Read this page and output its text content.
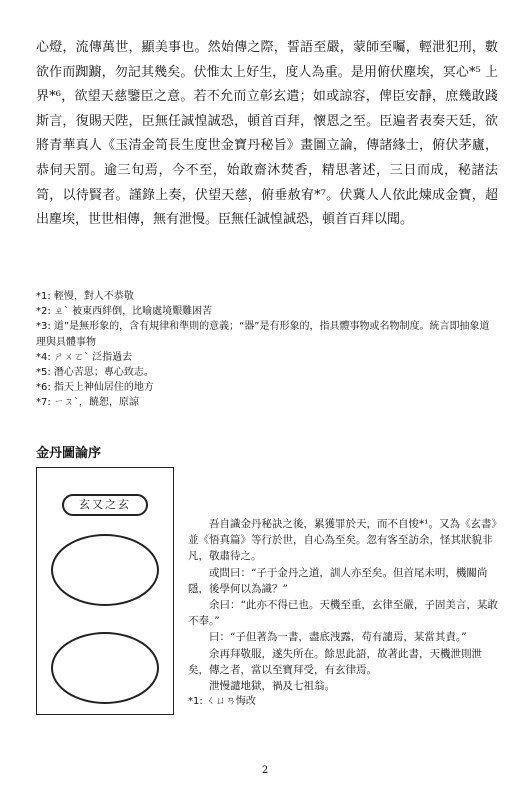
心燈，流傳萬世，顯美事也。然始傳之際，誓語至嚴，蒙師至囑，輕泄犯刑，數欲作而踟躕，勿記其幾矣。伏惟太上好生，度人為重。是用俯伏塵埃，冥心*⁵ 上界*⁶，欲望天慈鑒臣之意。若不允而立彰玄遣；如或諒容，俾臣安靜，庶幾敢踐斯言，復賜天陛，臣無任誠惶誠恐，頓首百拜，懷恩之至。臣遍者表奏天廷，欲將青華真人《玉清金笥長生度世金寶丹秘旨》畫圖立論，傳諸緣士，俯伏茅廬，恭伺天罰。逾三旬焉，今不至，始敢齋沐焚香，精思著述，三日而成，秘諸法笥，以待賢者。謹錄上奏，伏望天慈，俯垂赦宥*⁷。伏冀人人依此煉成金寶，超出塵埃，世世相傳，無有泄慢。臣無任誠惶誠恐，頓首百拜以聞。

*1: 輕慢，對人不恭敬
*2: ㄓˋ 被東西絆倒，比喻處境艱難困苦
*3: 道”是無形象的，含有規律和準則的意義；“器”是有形象的，指具體事物或名物制度。統言即抽象道理與具體事物
*4: ㄕㄨㄛˋ 泛指過去
*5: 潛心苦思；專心致志。
*6: 指天上神仙居住的地方
*7: ㄧㄡˋ，饒恕，原諒
金丹圖論序
玄又之玄

吾自識金丹秘訣之後，累獲罪於天，而不自悛*¹。又為《玄書》並《悟真篇》等行於世，自心為至矣。忽有客至訪余，怪其狀貌非凡，敬肅待之。

或問曰：“子于金丹之道，訓人亦至矣。但首尾未明，機關尚隱，後學何以為識？”

余曰：“此亦不得已也。天機至重，玄律至嚴，子固美言，某敢不奉。”

曰：“子但著為一書，盡底洩露，苟有譴焉，某當其責。”

余再拜敬服，遂失所在。餘思此語，故著此書，天機泄則泄矣，傳之者，當以至寶拜受，有玄律焉。

泄慢譴地獄，禍及七祖翁。

*1: ㄑㄩㄢ悔改

2
